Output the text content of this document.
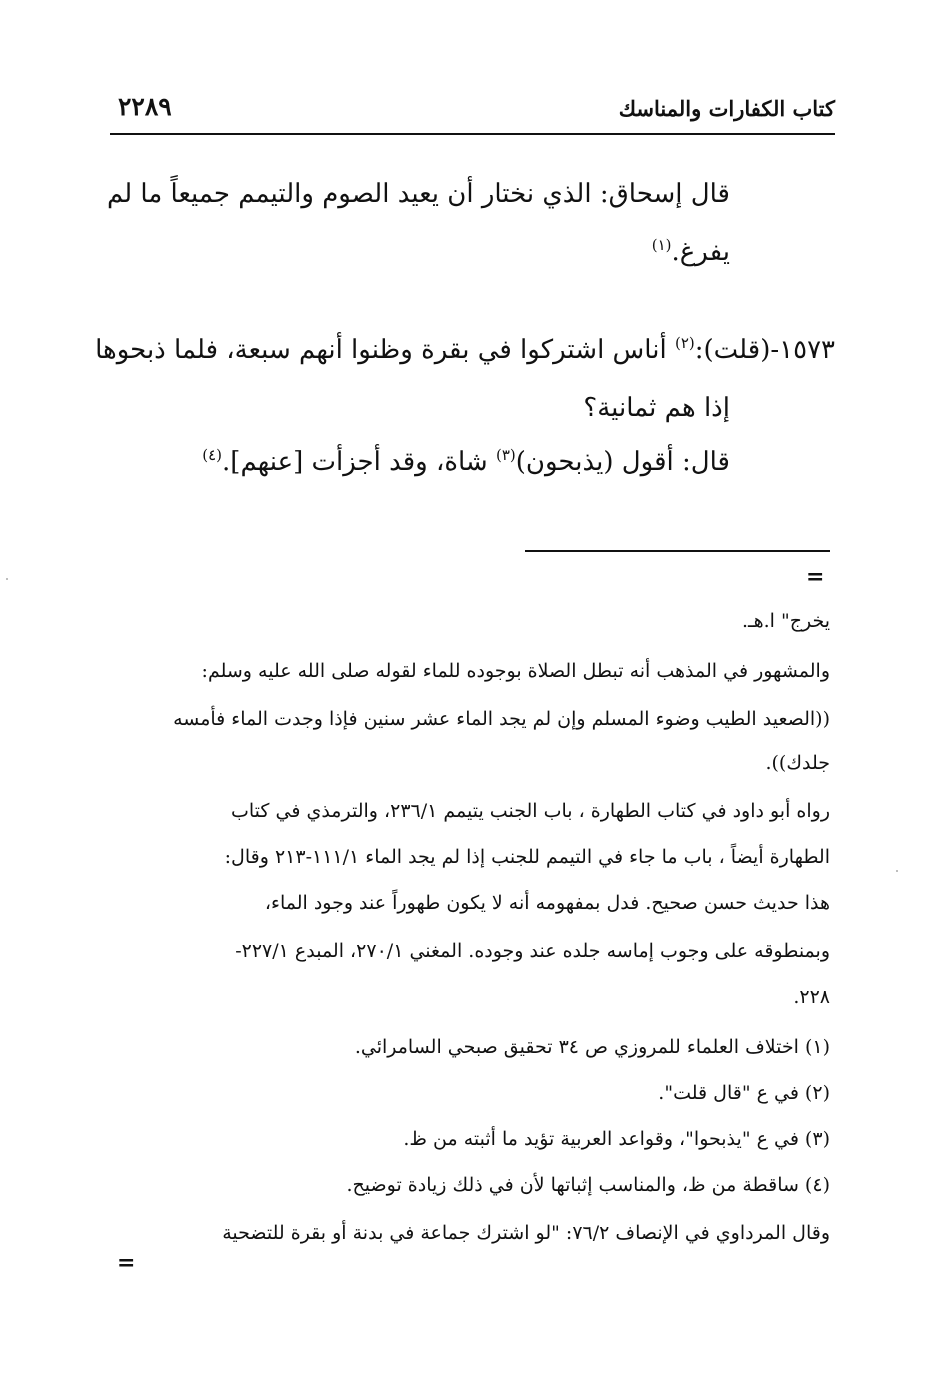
٢٢٨٩	كتاب الكفارات والمناسك
قال إسحاق: الذي نختار أن يعيد الصوم والتيمم جميعاً ما لم
يفرغ.$^{(١)}$
١٥٧٣-(قلت):$^{(٢)}$ أناس اشتركوا في بقرة وظنوا أنهم سبعة، فلما ذبحوها
إذا هم ثمانية؟
قال: أقول (يذبحون)$^{(٣)}$ شاة، وقد أجزأت [عنهم].$^{(٤)}$
=
يخرج" ا.هـ.
والمشهور في المذهب أنه تبطل الصلاة بوجوده للماء لقوله صلى الله عليه وسلم:
((الصعيد الطيب وضوء المسلم وإن لم يجد الماء عشر سنين فإذا وجدت الماء فأمسه
جلدك)).
رواه أبو داود في كتاب الطهارة ، باب الجنب يتيمم ٢٣٦/١، والترمذي في كتاب
الطهارة أيضاً ، باب ما جاء في التيمم للجنب إذا لم يجد الماء ١١١/١-٢١٣ وقال:
هذا حديث حسن صحيح. فدل بمفهومه أنه لا يكون طهوراً عند وجود الماء،
وبمنطوقه على وجوب إماسه جلده عند وجوده. المغني ٢٧٠/١، المبدع ٢٢٧/١-
٢٢٨.
(١) اختلاف العلماء للمروزي ص ٣٤ تحقيق صبحي السامرائي.
(٢) في ع "قال قلت".
(٣) في ع "يذبحوا"، وقواعد العربية تؤيد ما أثبته من ظ.
(٤) ساقطة من ظ، والمناسب إثباتها لأن في ذلك زيادة توضيح.
وقال المرداوي في الإنصاف ٧٦/٢: "لو اشترك جماعة في بدنة أو بقرة للتضحية
=
